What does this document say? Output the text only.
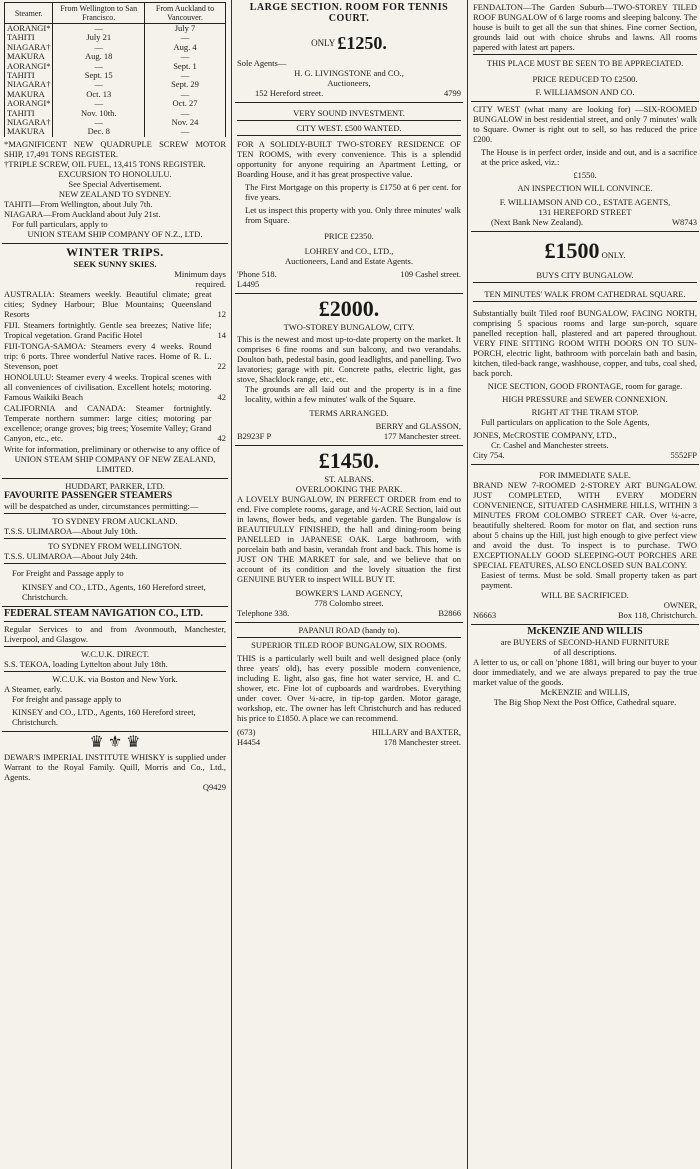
Steamer.	From Wellington to San Francisco.	From Auckland to Vancouver.
AORANGI*	—	July 7
TAHITI	July 21	—
NIAGARA†	—	Aug. 4
MAKURA	Aug. 18	—
AORANGI*	—	Sept. 1
TAHITI	Sept. 15	—
NIAGARA†	—	Sept. 29
MAKURA	Oct. 13	—
AORANGI*	—	Oct. 27
TAHITI	Nov. 10th.	—
NIAGARA†	—	Nov. 24
MAKURA	Dec. 8	—
*MAGNIFICENT NEW QUADRUPLE SCREW MOTOR SHIP, 17,491 TONS REGISTER.
†TRIPLE SCREW, OIL FUEL, 13,415 TONS REGISTER.
EXCURSION TO HONOLULU.
See Special Advertisement.
NEW ZEALAND TO SYDNEY.
TAHITI—From Wellington, about July 7th.
NIAGARA—From Auckland about July 21st.
For full particulars, apply to
UNION STEAM SHIP COMPANY OF N.Z., LTD.
WINTER TRIPS.
SEEK SUNNY SKIES.
Minimum days required.
AUSTRALIA: Steamers weekly. Beautiful climate; great cities; Sydney Harbour; Blue Mountains; Queensland Resorts	12
FIJI. Steamers fortnightly. Gentle sea breezes; Native life; Tropical vegetation. Grand Pacific Hotel	14
FIJI-TONGA-SAMOA: Steamers every 4 weeks. Round trip: 6 ports. Three wonderful Native races. Home of R. L. Stevenson, poet	22
HONOLULU: Steamer every 4 weeks. Tropical scenes with all conveniences of civilisation. Excellent hotels; motoring. Famous Waikiki Beach	42
CALIFORNIA and CANADA: Steamer fortnightly. Temperate northern summer: large cities; motoring par excellence; orange groves; big trees; Yosemite Valley; Grand Canyon, etc., etc.	42
Write for information, preliminary or otherwise to any office of
UNION STEAM SHIP COMPANY OF NEW ZEALAND, LIMITED.
HUDDART, PARKER, LTD.
FAVOURITE PASSENGER STEAMERS
will be despatched as under, circumstances permitting:—
TO SYDNEY FROM AUCKLAND.
T.S.S. ULIMAROA—About July 10th.
TO SYDNEY FROM WELLINGTON.
T.S.S. ULIMAROA—About July 24th.
For Freight and Passage apply to
KINSEY and CO., LTD., Agents, 160 Hereford street, Christchurch.
FEDERAL STEAM NAVIGATION CO., LTD.
Regular Services to and from Avonmouth, Manchester, Liverpool, and Glasgow.
W.C.U.K. DIRECT.
S.S. TEKOA, loading Lyttelton about July 18th.
W.C.U.K. via Boston and New York.
A Steamer, early.
For freight and passage apply to
KINSEY and CO., LTD., Agents, 160 Hereford street, Christchurch.
♛ ⚜ ♛
DEWAR'S IMPERIAL INSTITUTE WHISKY is supplied under Warrant to the Royal Family. Quill, Morris and Co., Ltd., Agents.
Q9429
LARGE SECTION. ROOM FOR TENNIS COURT.
ONLY £1250.
Sole Agents—
H. G. LIVINGSTONE and CO.,
Auctioneers,
152 Hereford street.	4799
VERY SOUND INVESTMENT.
CITY WEST. £500 WANTED.
FOR A SOLIDLY-BUILT TWO-STOREY RESIDENCE OF TEN ROOMS, with every convenience. This is a splendid opportunity for anyone requiring an Apartment Letting, or Boarding House, and it has great prospective value.
The First Mortgage on this property is £1750 at 6 per cent. for five years.
Let us inspect this property with you. Only three minutes' walk from Square.
PRICE £2350.
LOHREY and CO., LTD.,
Auctioneers, Land and Estate Agents.
'Phone 518.	109 Cashel street.
L4495
£2000.
TWO-STOREY BUNGALOW, CITY.
This is the newest and most up-to-date property on the market. It comprises 6 fine rooms and sun balcony, and two verandahs. Doulton bath, pedestal basin, good leadlights, and panelling. Two lavatories; garage with pit. Concrete paths, electric light, gas stove, Shacklock range, etc., etc.
The grounds are all laid out and the property is in a fine locality, within a few minutes' walk of the Square.
TERMS ARRANGED.
BERRY and GLASSON,
B2923F P	177 Manchester street.
£1450.
ST. ALBANS.
OVERLOOKING THE PARK.
A LOVELY BUNGALOW, IN PERFECT ORDER from end to end. Five complete rooms, garage, and ¼-ACRE Section, laid out in lawns, flower beds, and vegetable garden. The Bungalow is BEAUTIFULLY FINISHED, the hall and dining-room being PANELLED in JAPANESE OAK. Large bathroom, with porcelain bath and basin, verandah front and back. This home is JUST ON THE MARKET for sale, and we believe that on account of its condition and the lovely situation the first GENUINE BUYER to inspect WILL BUY IT.
BOWKER'S LAND AGENCY,
778 Colombo street.
Telephone 338.	B2866
PAPANUI ROAD (handy to).
SUPERIOR TILED ROOF BUNGALOW, SIX ROOMS.
THIS is a particularly well built and well designed place (only three years' old), has every possible modern convenience, including E. light, also gas, fine hot water service, H. and C. shower, etc. Fine lot of cupboards and wardrobes. Everything under cover. Over ¼-acre, in tip-top garden. Motor garage, workshop, etc. The owner has left Christchurch and has reduced his price to £1850. A place we can recommend.
(673)	HILLARY and BAXTER,
H4454	178 Manchester street.
FENDALTON—The Garden Suburb—TWO-STOREY TILED ROOF BUNGALOW of 6 large rooms and sleeping balcony. The house is built to get all the sun that shines. Fine corner Section, grounds laid out with choice shrubs and lawns. All rooms papered with latest art papers.
THIS PLACE MUST BE SEEN TO BE APPRECIATED.
PRICE REDUCED TO £2500.
F. WILLIAMSON AND CO.
CITY WEST (what many are looking for) —SIX-ROOMED BUNGALOW in best residential street, and only 7 minutes' walk to Square. Owner is right out to sell, so has reduced the price £200.
The House is in perfect order, inside and out, and is a sacrifice at the price asked, viz.:
£1550.
AN INSPECTION WILL CONVINCE.
F. WILLIAMSON AND CO., ESTATE AGENTS,
131 HEREFORD STREET
(Next Bank New Zealand).	W8743
£1500 ONLY.
BUYS CITY BUNGALOW.
TEN MINUTES' WALK FROM CATHEDRAL SQUARE.
Substantially built Tiled roof BUNGALOW, FACING NORTH, comprising 5 spacious rooms and large sun-porch, square panelled reception hall, plastered and art papered throughout. VERY FINE SITTING ROOM WITH DOORS ON TO SUN-PORCH, electric light, bathroom with porcelain bath and basin, kitchen, tiled-back range, washhouse, copper, and tubs, coal shed, back porch.
NICE SECTION, GOOD FRONTAGE, room for garage.
HIGH PRESSURE and SEWER CONNEXION.
RIGHT AT THE TRAM STOP.
Full particulars on application to the Sole Agents,
JONES, McCROSTIE COMPANY, LTD.,
Cr. Cashel and Manchester streets.
City 754.	5552FP
FOR IMMEDIATE SALE.
BRAND NEW 7-ROOMED 2-STOREY ART BUNGALOW. JUST COMPLETED, WITH EVERY MODERN CONVENIENCE, SITUATED CASHMERE HILLS, WITHIN 3 MINUTES FROM COLOMBO STREET CAR. Over ¼-acre, beautifully sheltered. Room for motor on flat, and section runs about 5 chains up the Hill, just high enough to give perfect view and avoid the dust. To inspect is to purchase. TWO EXCEPTIONALLY GOOD SLEEPING-OUT PORCHES ARE SPECIAL FEATURES, ALSO ENCLOSED SUN BALCONY.
Easiest of terms. Must be sold. Small property taken as part payment.
WILL BE SACRIFICED.
OWNER,
N6663	Box 118, Christchurch.
McKENZIE AND WILLIS
are BUYERS of SECOND-HAND FURNITURE
of all descriptions.
A letter to us, or call on 'phone 1881, will bring our buyer to your door immediately, and we are always prepared to pay the true market value of the goods.
McKENZIE and WILLIS,
The Big Shop Next the Post Office, Cathedral square.
